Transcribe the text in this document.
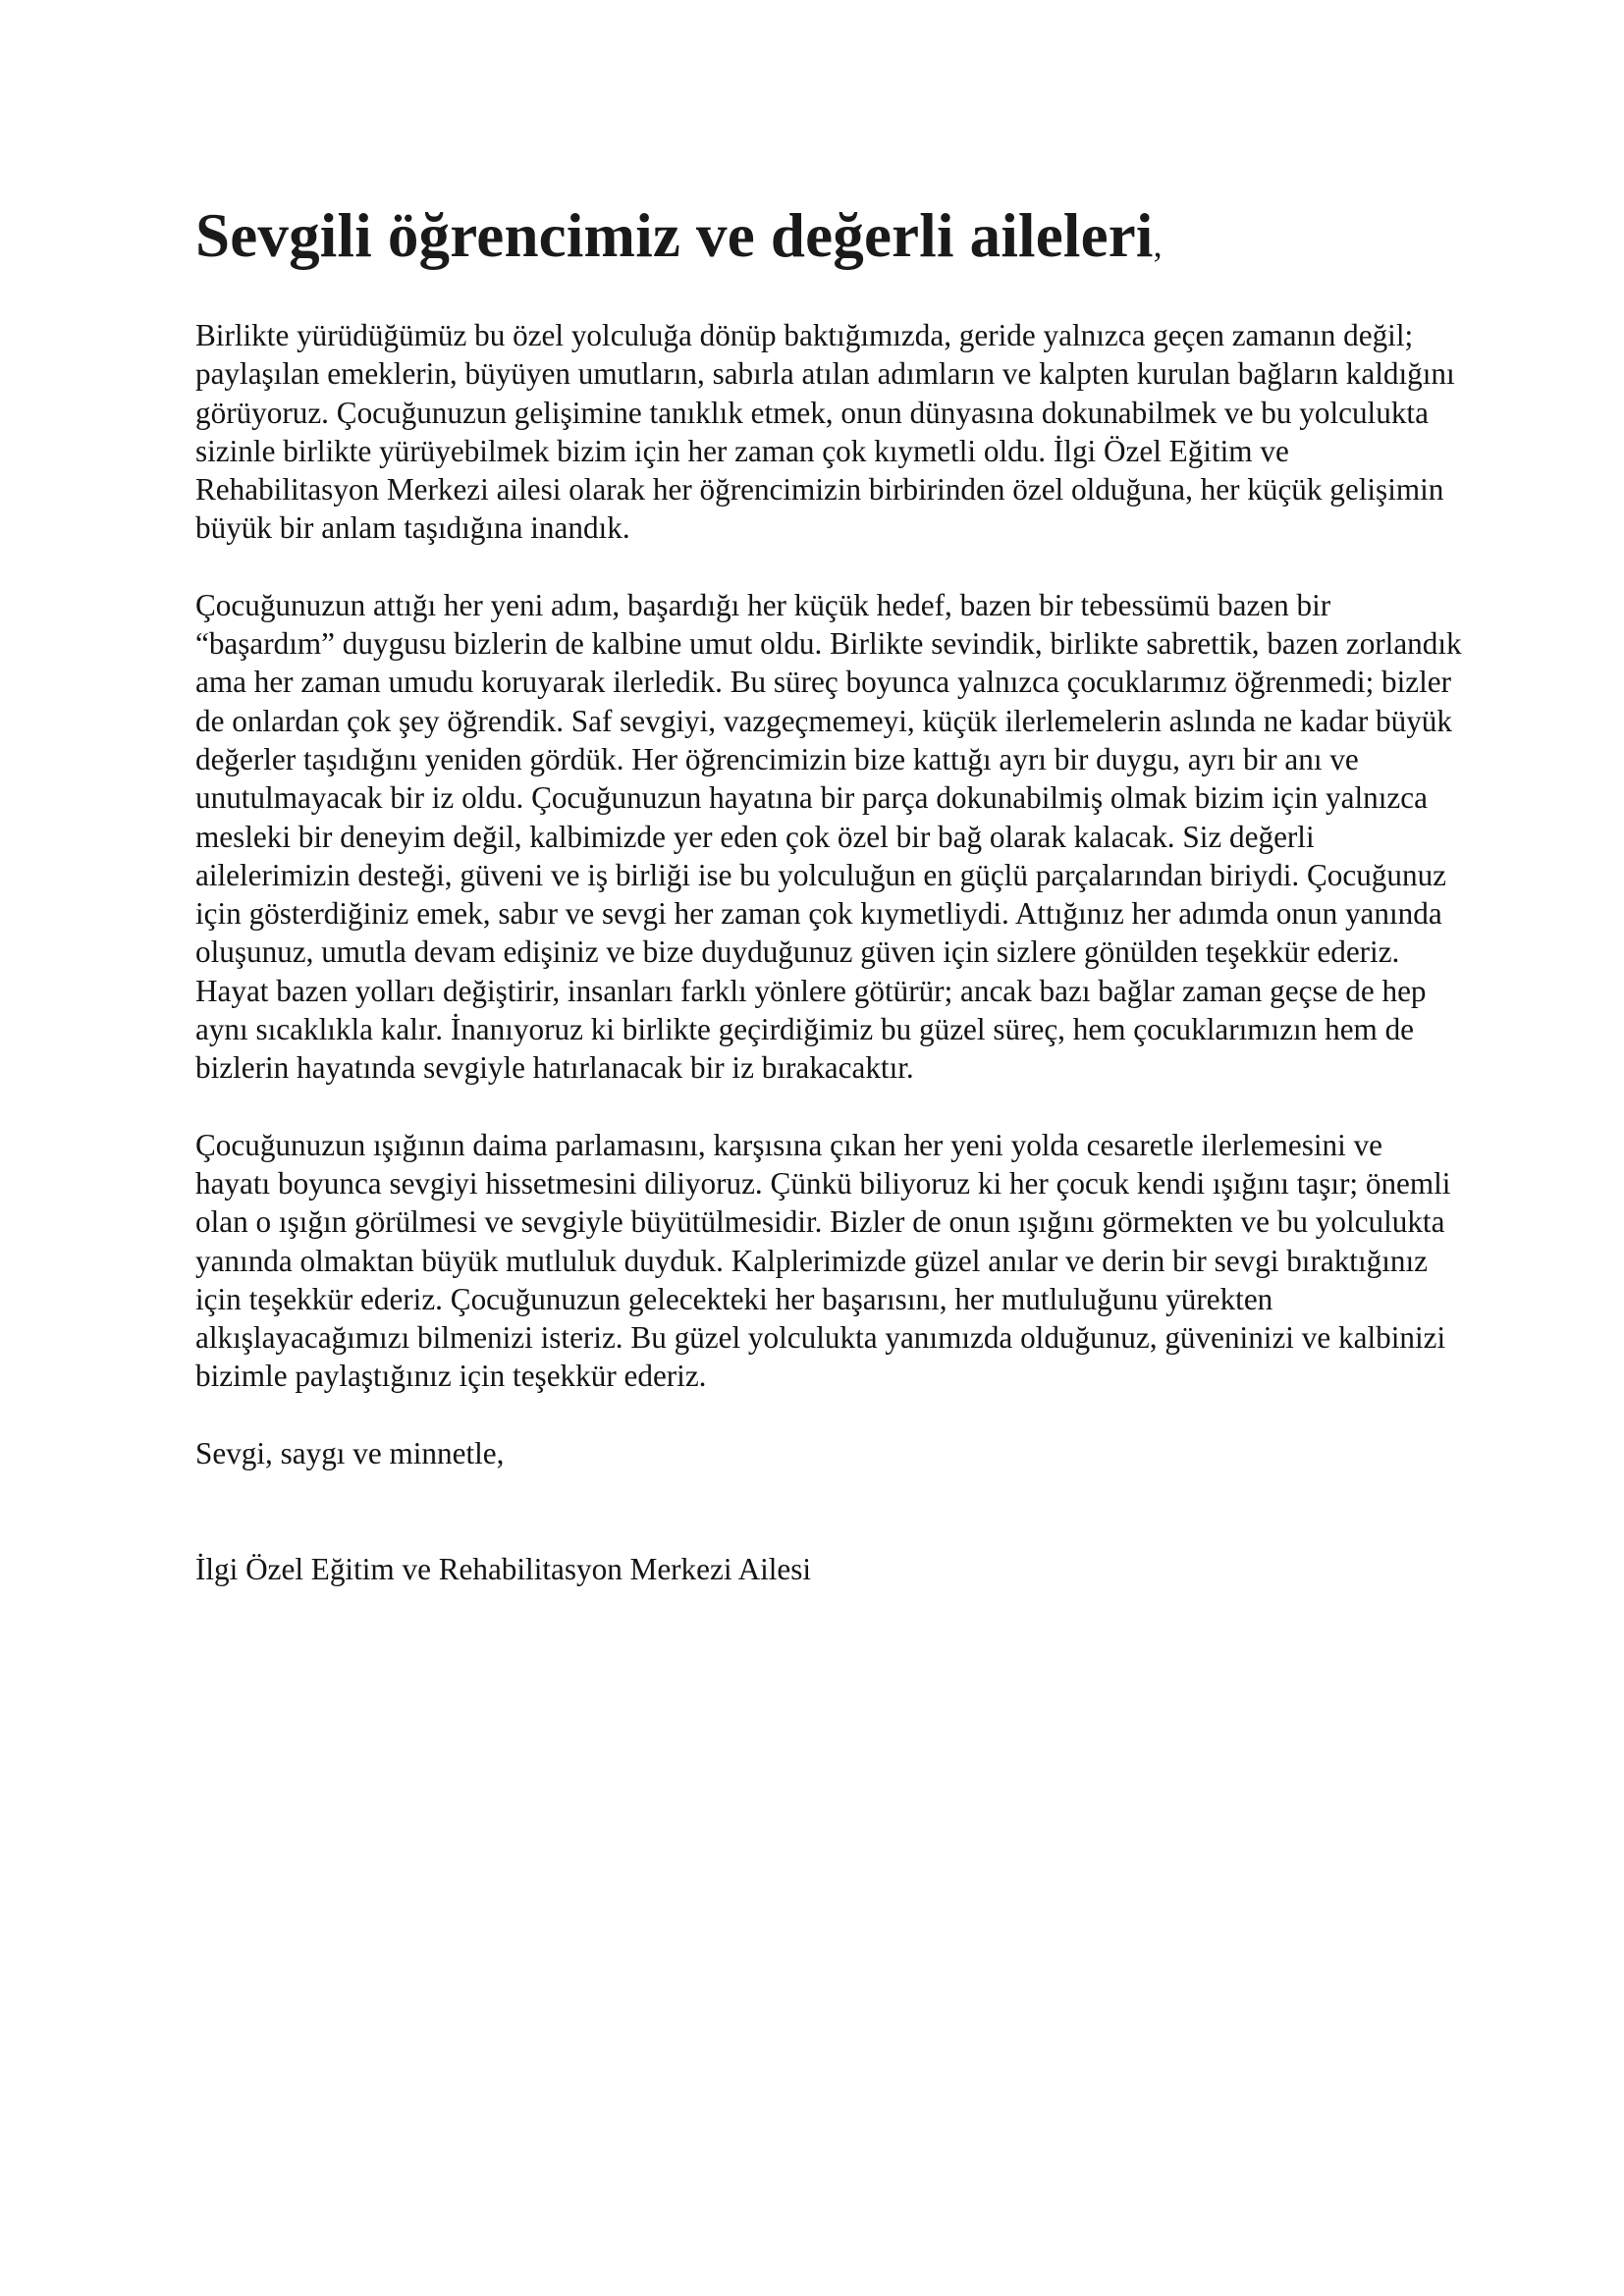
Sevgili öğrencimiz ve değerli aileleri,

Birlikte yürüdüğümüz bu özel yolculuğa dönüp baktığımızda, geride yalnızca geçen zamanın değil; paylaşılan emeklerin, büyüyen umutların, sabırla atılan adımların ve kalpten kurulan bağların kaldığını görüyoruz. Çocuğunuzun gelişimine tanıklık etmek, onun dünyasına dokunabilmek ve bu yolculukta sizinle birlikte yürüyebilmek bizim için her zaman çok kıymetli oldu. İlgi Özel Eğitim ve Rehabilitasyon Merkezi ailesi olarak her öğrencimizin birbirinden özel olduğuna, her küçük gelişimin büyük bir anlam taşıdığına inandık.

Çocuğunuzun attığı her yeni adım, başardığı her küçük hedef, bazen bir tebessümü bazen bir “başardım” duygusu bizlerin de kalbine umut oldu. Birlikte sevindik, birlikte sabrettik, bazen zorlandık ama her zaman umudu koruyarak ilerledik. Bu süreç boyunca yalnızca çocuklarımız öğrenmedi; bizler de onlardan çok şey öğrendik. Saf sevgiyi, vazgeçmemeyi, küçük ilerlemelerin aslında ne kadar büyük değerler taşıdığını yeniden gördük. Her öğrencimizin bize kattığı ayrı bir duygu, ayrı bir anı ve unutulmayacak bir iz oldu. Çocuğunuzun hayatına bir parça dokunabilmiş olmak bizim için yalnızca mesleki bir deneyim değil, kalbimizde yer eden çok özel bir bağ olarak kalacak. Siz değerli ailelerimizin desteği, güveni ve iş birliği ise bu yolculuğun en güçlü parçalarından biriydi. Çocuğunuz için gösterdiğiniz emek, sabır ve sevgi her zaman çok kıymetliydi. Attığınız her adımda onun yanında oluşunuz, umutla devam edişiniz ve bize duyduğunuz güven için sizlere gönülden teşekkür ederiz. Hayat bazen yolları değiştirir, insanları farklı yönlere götürür; ancak bazı bağlar zaman geçse de hep aynı sıcaklıkla kalır. İnanıyoruz ki birlikte geçirdiğimiz bu güzel süreç, hem çocuklarımızın hem de bizlerin hayatında sevgiyle hatırlanacak bir iz bırakacaktır.

Çocuğunuzun ışığının daima parlamasını, karşısına çıkan her yeni yolda cesaretle ilerlemesini ve hayatı boyunca sevgiyi hissetmesini diliyoruz. Çünkü biliyoruz ki her çocuk kendi ışığını taşır; önemli olan o ışığın görülmesi ve sevgiyle büyütülmesidir. Bizler de onun ışığını görmekten ve bu yolculukta yanında olmaktan büyük mutluluk duyduk. Kalplerimizde güzel anılar ve derin bir sevgi bıraktığınız için teşekkür ederiz. Çocuğunuzun gelecekteki her başarısını, her mutluluğunu yürekten alkışlayacağımızı bilmenizi isteriz. Bu güzel yolculukta yanımızda olduğunuz, güveninizi ve kalbinizi bizimle paylaştığınız için teşekkür ederiz.

Sevgi, saygı ve minnetle,

İlgi Özel Eğitim ve Rehabilitasyon Merkezi Ailesi
